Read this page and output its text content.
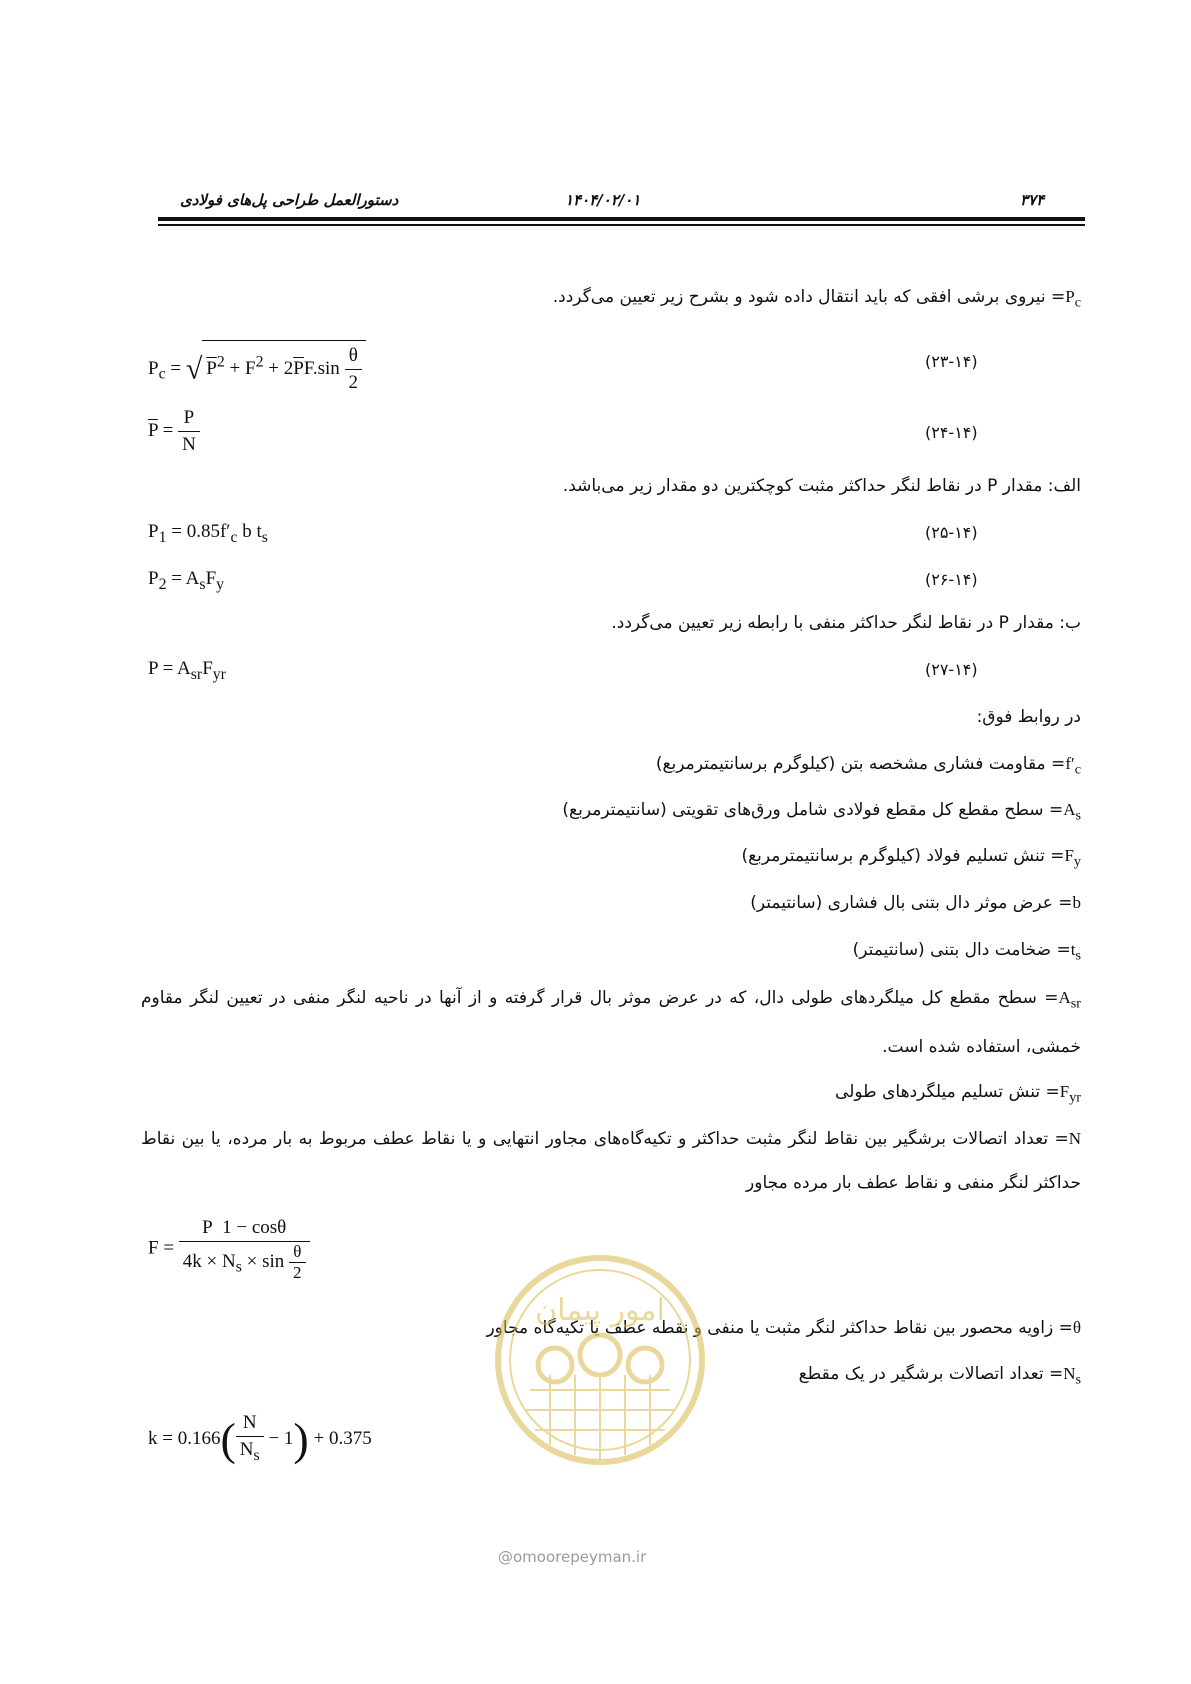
۳۷۴
۱۴۰۴/۰۲/۰۱
دستورالعمل طراحی پل‌های فولادی
$P_c=$ نیروی برشی افقی که باید انتقال داده شود و بشرح زیر تعیین می‌گردد.
$P_c$ = √ $P^2 + F^2 + 2\overline{P}F.\sin \frac{\theta}{2}$	(۲۳-۱۴)
$\overline{P} = \frac{P}{N}$	(۲۴-۱۴)
الف: مقدار P در نقاط لنگر حداکثر مثبت کوچکترین دو مقدار زیر می‌باشد.
$P_1 = 0.85f'_c$ b $t_s$	(۲۵-۱۴)
$P_2 = A_sF_y$	(۲۶-۱۴)
ب: مقدار P در نقاط لنگر حداکثر منفی با رابطه زیر تعیین می‌گردد.
$P = A_{sr}F_{yr}$	(۲۷-۱۴)
در روابط فوق:
$f'_c=$ مقاومت فشاری مشخصه بتن (کیلوگرم برسانتیمترمربع)
$A_s=$ سطح مقطع کل مقطع فولادی شامل ورق‌های تقویتی (سانتیمترمربع)
$F_y=$ تنش تسلیم فولاد (کیلوگرم برسانتیمترمربع)
b= عرض موثر دال بتنی بال فشاری (سانتیمتر)
$t_s=$ ضخامت دال بتنی (سانتیمتر)
$A_{sr}=$ سطح مقطع کل میلگردهای طولی دال، که در عرض موثر بال قرار گرفته و از آنها در ناحیه لنگر منفی در تعیین لنگر مقاوم خمشی، استفاده شده است.
$F_{yr}=$ تنش تسلیم میلگردهای طولی
N= تعداد اتصالات برشگیر بین نقاط لنگر مثبت حداکثر و تکیه‌گاه‌های مجاور انتهایی و یا نقاط عطف مربوط به بار مرده، یا بین نقاط حداکثر لنگر منفی و نقاط عطف بار مرده مجاور
$F = \frac{P 1 - \cos\theta}{4k \times N_s \times \sin \frac{\theta}{2}}$
θ= زاویه محصور بین نقاط حداکثر لنگر مثبت یا منفی و نقطه عطف یا تکیه‌گاه مجاور
$N_s=$ تعداد اتصالات برشگیر در یک مقطع
$k = 0.166( \frac{N}{N_s} - 1) + 0.375$
امور پیمان
@omoorepeyman.ir
